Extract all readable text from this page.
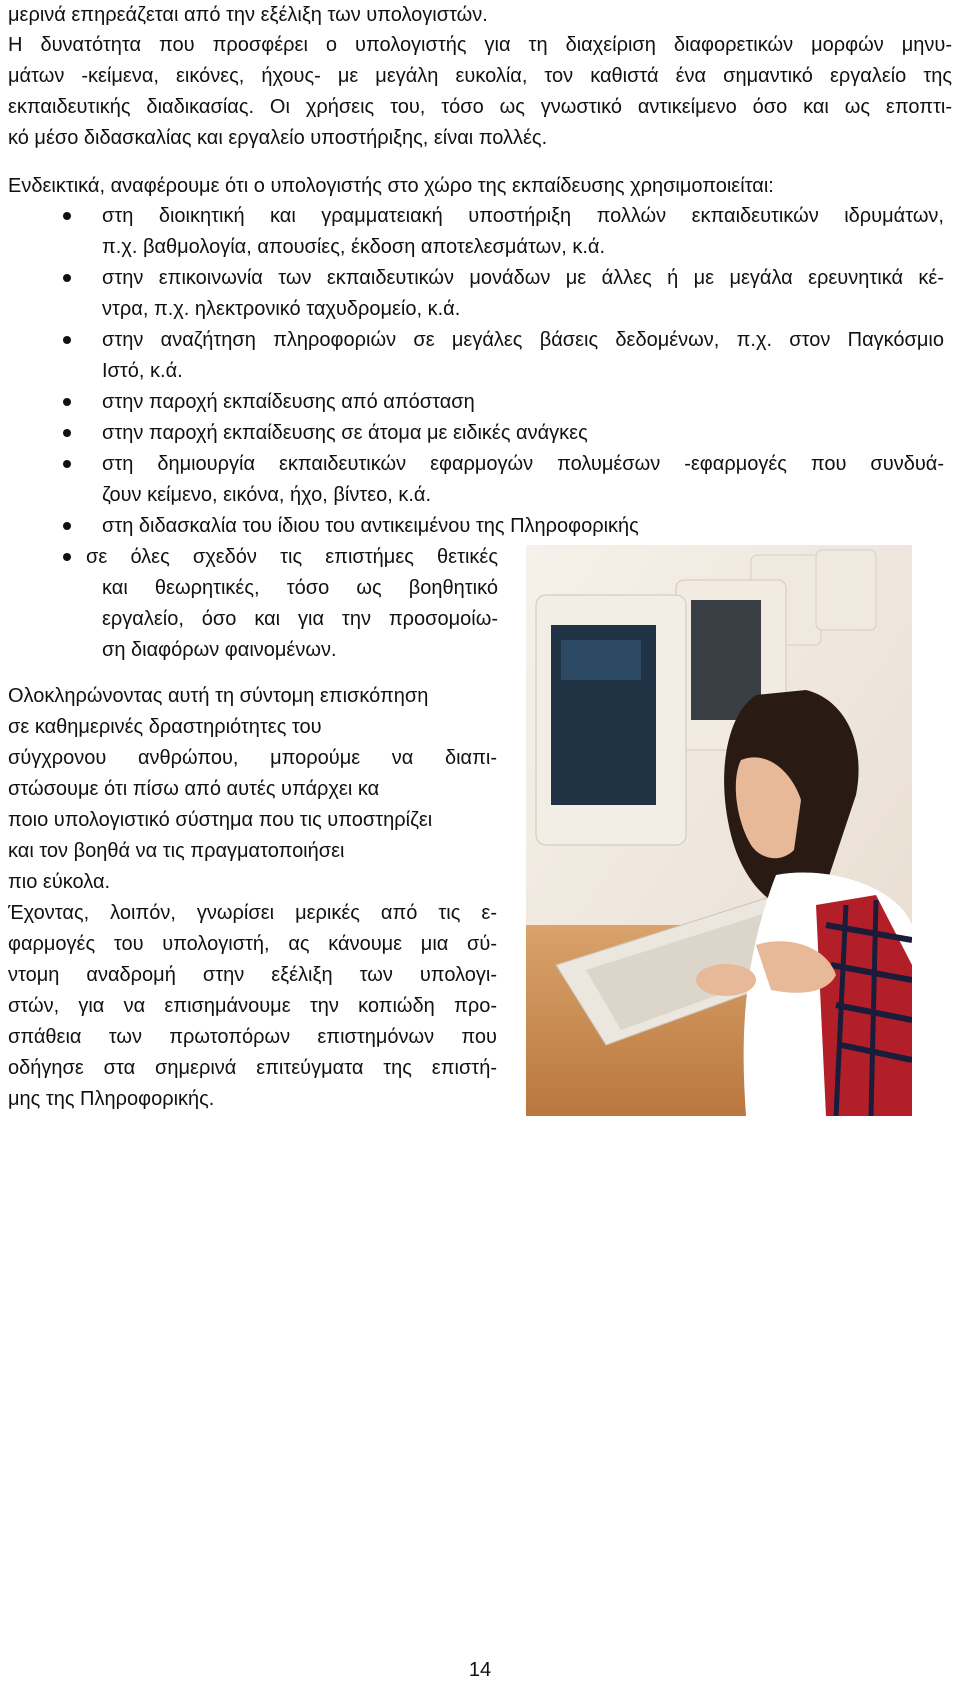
μερινά επηρεάζεται από την εξέλιξη των υπολογιστών.

Η δυνατότητα που προσφέρει ο υπολογιστής για τη διαχείριση διαφορετικών μορφών μηνυ-

μάτων -κείμενα, εικόνες, ήχους- με μεγάλη ευκολία, τον καθιστά ένα σημαντικό εργαλείο της

εκπαιδευτικής διαδικασίας. Οι χρήσεις του, τόσο ως γνωστικό αντικείμενο όσο και ως εποπτι-

κό μέσο διδασκαλίας και εργαλείο υποστήριξης, είναι πολλές.

Ενδεικτικά, αναφέρουμε ότι ο υπολογιστής στο χώρο της εκπαίδευσης χρησιμοποιείται:

στη διοικητική και γραμματειακή υποστήριξη πολλών εκπαιδευτικών ιδρυμάτων,

π.χ. βαθμολογία, απουσίες, έκδοση αποτελεσμάτων, κ.ά.

στην επικοινωνία των εκπαιδευτικών μονάδων με άλλες ή με μεγάλα ερευνητικά κέ-

ντρα, π.χ. ηλεκτρονικό ταχυδρομείο, κ.ά.

στην αναζήτηση πληροφοριών σε μεγάλες βάσεις δεδομένων, π.χ. στον Παγκόσμιο

Ιστό, κ.ά.

στην παροχή εκπαίδευσης από απόσταση

στην παροχή εκπαίδευσης σε άτομα με ειδικές ανάγκες

στη δημιουργία εκπαιδευτικών εφαρμογών πολυμέσων -εφαρμογές που συνδυά-

ζουν κείμενο, εικόνα, ήχο, βίντεο, κ.ά.

στη διδασκαλία του ίδιου του αντικειμένου της Πληροφορικής

σε όλες σχεδόν τις επιστήμες θετικές

και θεωρητικές, τόσο ως βοηθητικό

εργαλείο, όσο και για την προσομοίω-

ση διαφόρων φαινομένων.

Ολοκληρώνοντας αυτή τη σύντομη επισκόπηση

σε καθημερινές δραστηριότητες του

σύγχρονου ανθρώπου, μπορούμε να διαπι-

στώσουμε ότι πίσω από αυτές υπάρχει κα

ποιο υπολογιστικό σύστημα που τις υποστηρίζει

και τον βοηθά να τις πραγματοποιήσει

πιο εύκολα.

Έχοντας, λοιπόν, γνωρίσει μερικές από τις ε-

φαρμογές του υπολογιστή, ας κάνουμε μια σύ-

ντομη αναδρομή στην εξέλιξη των υπολογι-

στών, για να επισημάνουμε την κοπιώδη προ-

σπάθεια των πρωτοπόρων επιστημόνων που

οδήγησε στα σημερινά επιτεύγματα της επιστή-

μης της Πληροφορικής.

14
